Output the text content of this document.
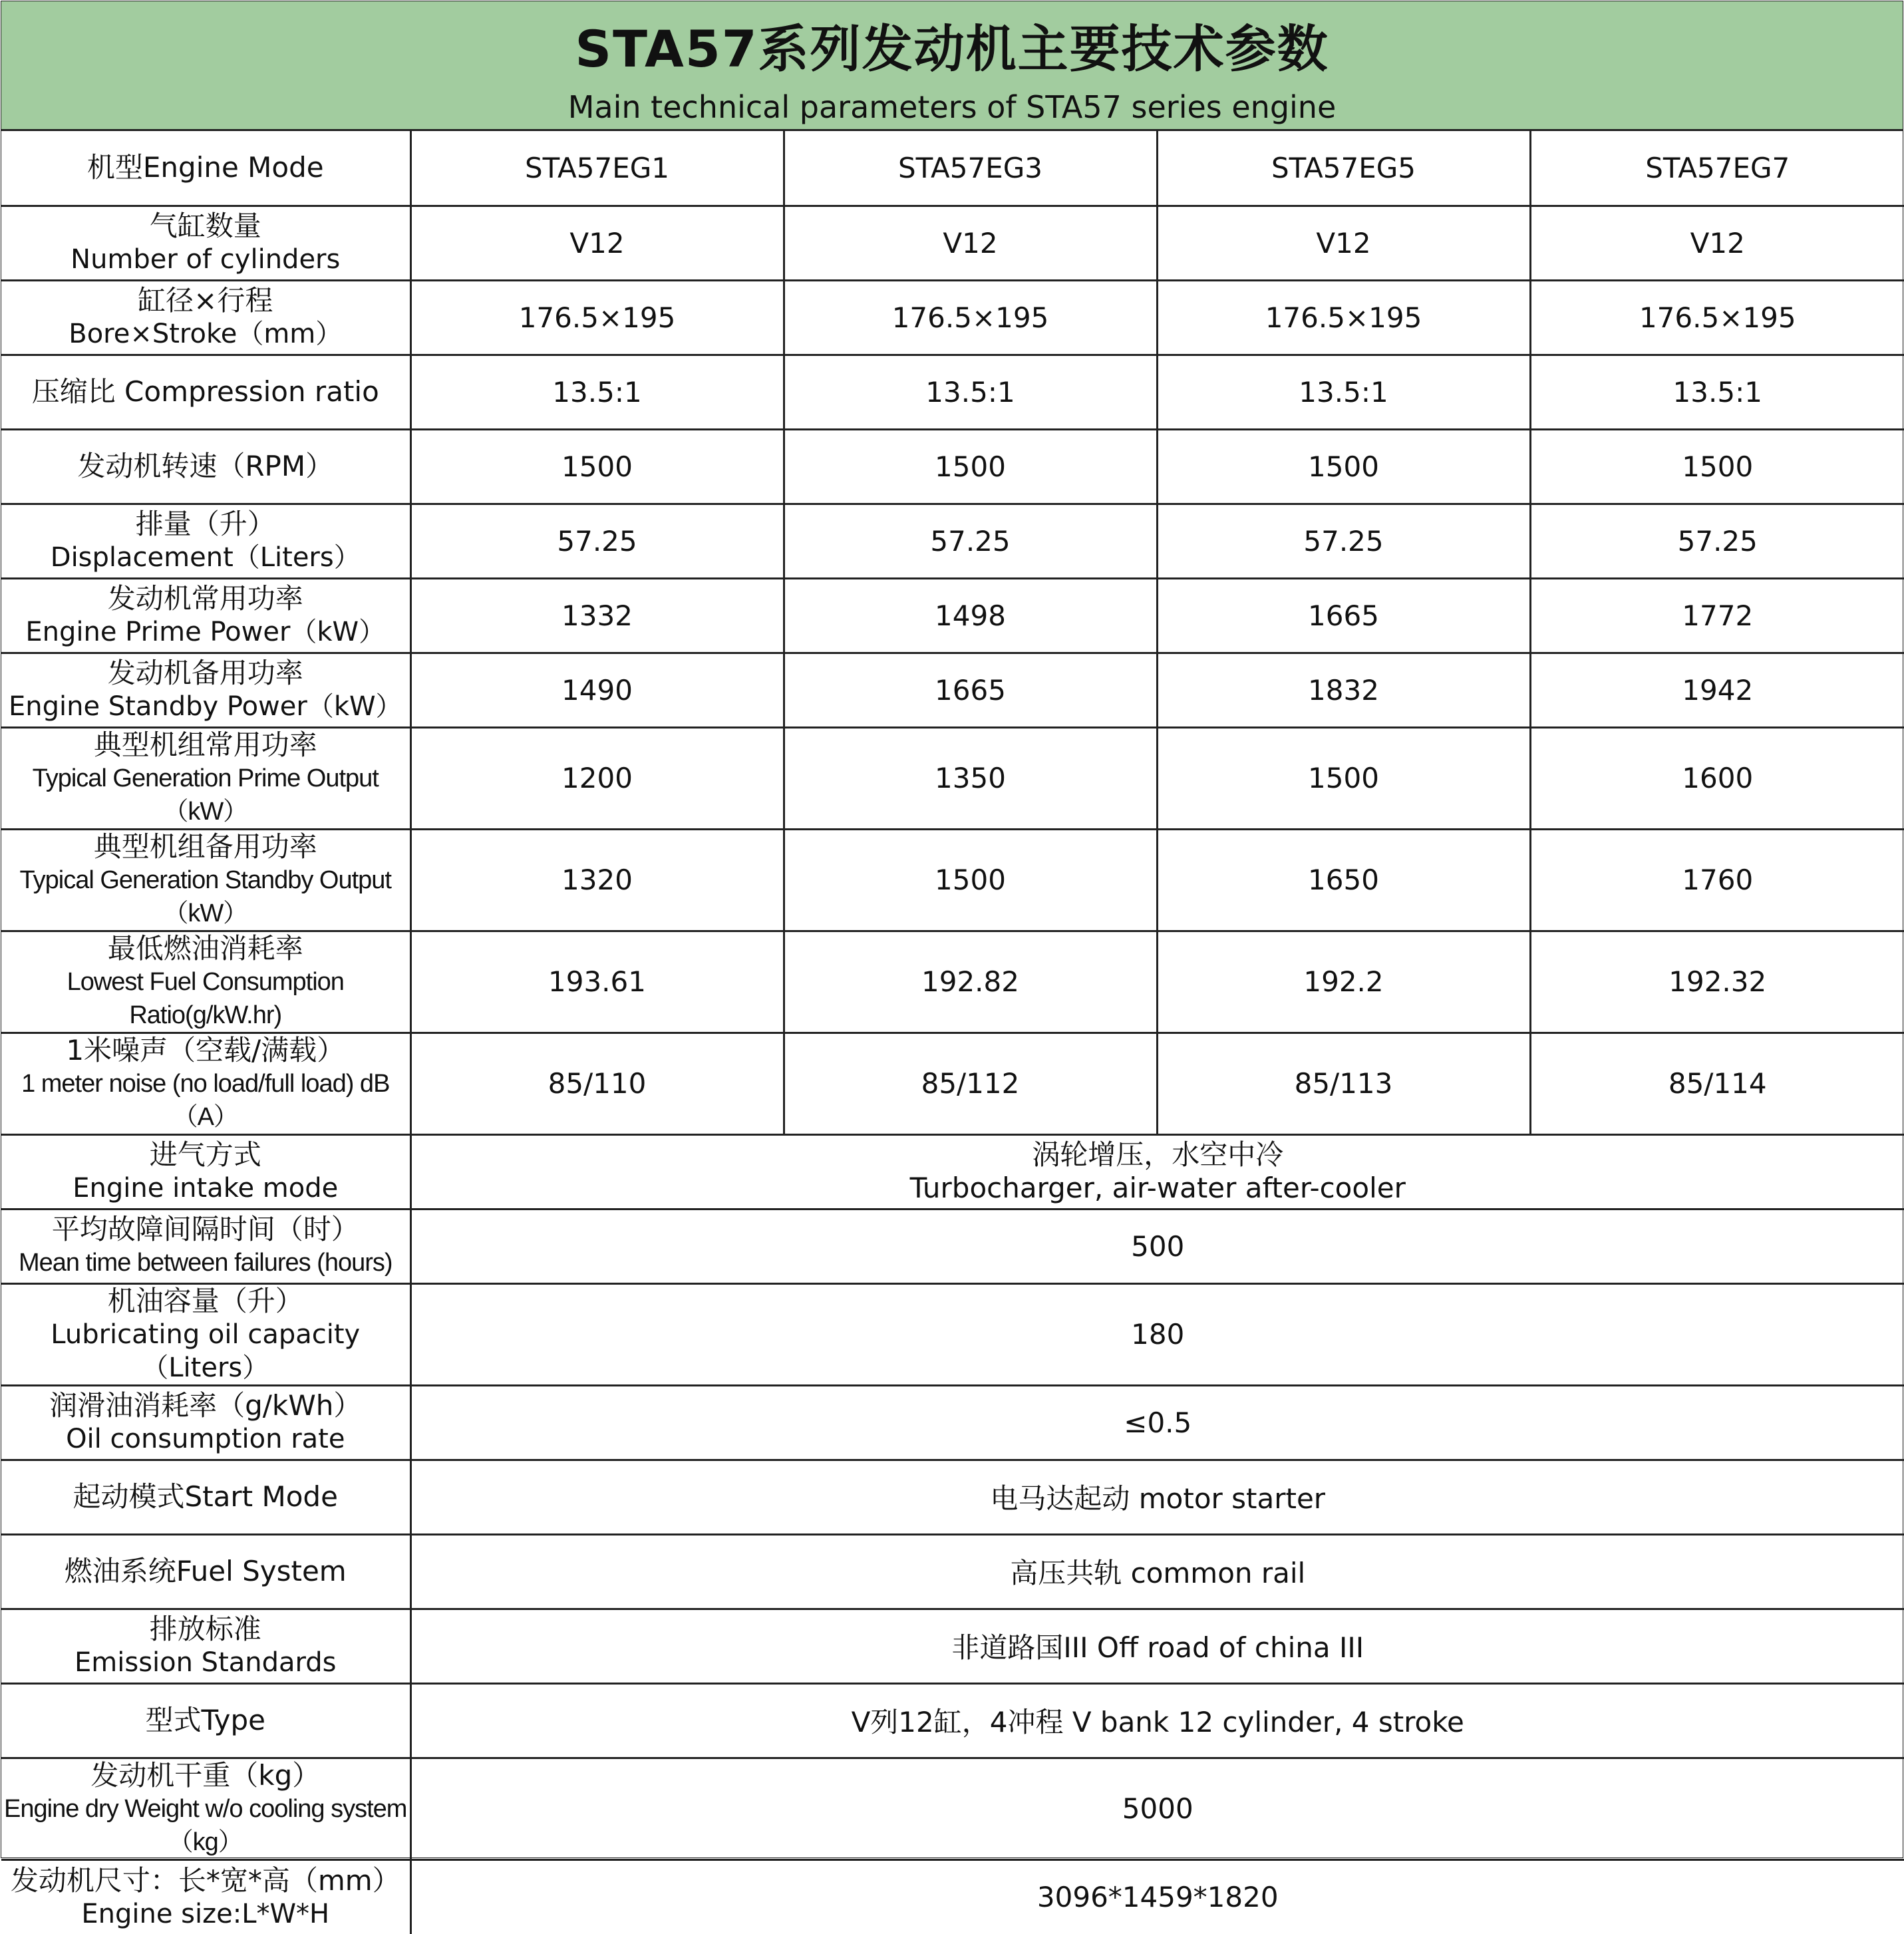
STA57系列发动机主要技术参数
Main technical parameters of STA57 series engine
机型Engine Mode	STA57EG1	STA57EG3	STA57EG5	STA57EG7

气缸数量
Number of cylinders	V12	V12	V12	V12

缸径×行程
Bore×Stroke（mm）	176.5×195	176.5×195	176.5×195	176.5×195
压缩比 Compression ratio	13.5:1	13.5:1	13.5:1	13.5:1
发动机转速（RPM）	1500	1500	1500	1500

排量（升）
Displacement（Liters）	57.25	57.25	57.25	57.25

发动机常用功率
Engine Prime Power（kW）	1332	1498	1665	1772

发动机备用功率
Engine Standby Power（kW）	1490	1665	1832	1942

典型机组常用功率
Typical Generation Prime Output（kW）	1200	1350	1500	1600

典型机组备用功率
Typical Generation Standby Output（kW）	1320	1500	1650	1760

最低燃油消耗率
Lowest Fuel Consumption Ratio(g/kW.hr)	193.61	192.82	192.2	192.32

1米噪声（空载/满载）
1 meter noise (no load/full load) dB（A）	85/110	85/112	85/113	85/114

进气方式
Engine intake mode	涡轮增压，水空中冷
Turbocharger, air-water after-cooler			

平均故障间隔时间（时）
Mean time between failures (hours)	500			

机油容量（升）
Lubricating oil capacity（Liters）	180			

润滑油消耗率（g/kWh）
Oil consumption rate	≤0.5			
起动模式Start Mode	电马达起动 motor starter			
燃油系统Fuel System	高压共轨 common rail			

排放标准
Emission Standards	非道路国III Off road of china III			
型式Type	V列12缸，4冲程 V bank 12 cylinder, 4 stroke			

发动机干重（kg）
Engine dry Weight w/o cooling system（kg）	5000			

发动机尺寸：长*宽*高（mm）
Engine size:L*W*H	3096*1459*1820			
